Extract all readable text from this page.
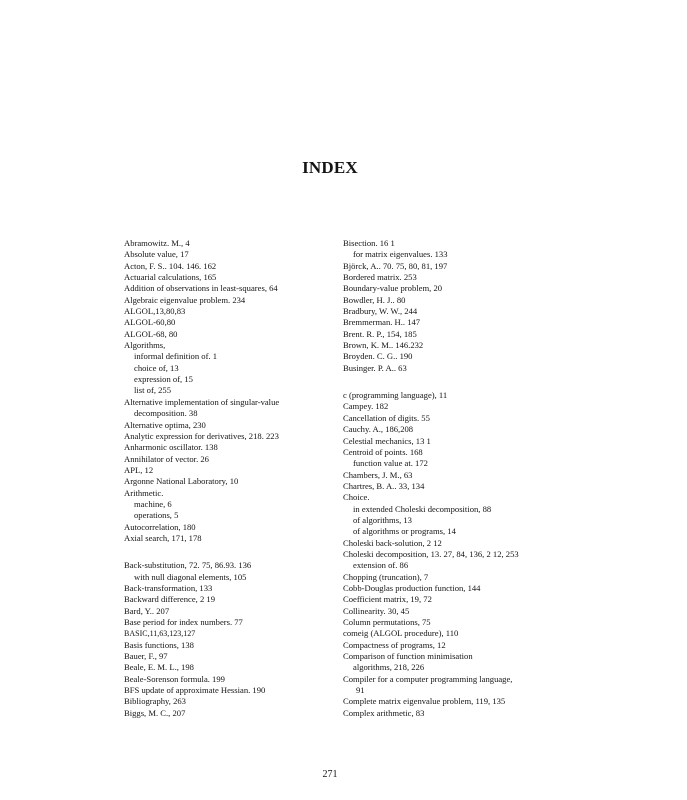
INDEX
Abramowitz. M., 4
Absolute value, 17
Acton, F. S.. 104. 146. 162
Actuarial calculations, 165
Addition of observations in least-squares, 64
Algebraic eigenvalue problem. 234
ALGOL,13,80,83
ALGOL-60,80
ALGOL-68, 80
Algorithms,
informal definition of. 1
choice of, 13
expression of, 15
list of, 255
Alternative implementation of singular-value decomposition. 38
Alternative optima, 230
Analytic expression for derivatives, 218. 223
Anharmonic oscillator. 138
Annihilator of vector. 26
APL, 12
Argonne National Laboratory, 10
Arithmetic.
machine, 6
operations, 5
Autocorrelation, 180
Axial search, 171, 178
Back-substitution, 72. 75, 86.93. 136
with null diagonal elements, 105
Back-transformation, 133
Backward difference, 2 19
Bard, Y.. 207
Base period for index numbers. 77
BASIC,11,63,123,127
Basis functions, 138
Bauer, F., 97
Beale, E. M. L., 198
Beale-Sorenson formula. 199
BFS update of approximate Hessian. 190
Bibliography, 263
Biggs, M. C., 207
Bisection. 16 1
for matrix eigenvalues. 133
Björck, A.. 70. 75, 80, 81, 197
Bordered matrix. 253
Boundary-value problem, 20
Bowdler, H. J.. 80
Bradbury, W. W., 244
Bremmerman. H.. 147
Brent. R. P., 154, 185
Brown, K. M.. 146.232
Broyden. C. G.. 190
Businger. P. A.. 63
c (programming language), 11
Campey. 182
Cancellation of digits. 55
Cauchy. A., 186,208
Celestial mechanics, 13 1
Centroid of points. 168
function value at. 172
Chambers, J. M., 63
Chartres, B. A.. 33, 134
Choice.
in extended Choleski decomposition, 88
of algorithms, 13
of algorithms or programs, 14
Choleski back-solution, 2 12
Choleski decomposition, 13. 27, 84, 136, 2 12, 253
extension of. 86
Chopping (truncation), 7
Cobb-Douglas production function, 144
Coefficient matrix, 19, 72
Collinearity. 30, 45
Column permutations, 75
comeig (ALGOL procedure), 110
Compactness of programs, 12
Comparison of function minimisation
algorithms, 218, 226
Compiler for a computer programming language,
91
Complete matrix eigenvalue problem, 119, 135
Complex arithmetic, 83
271
